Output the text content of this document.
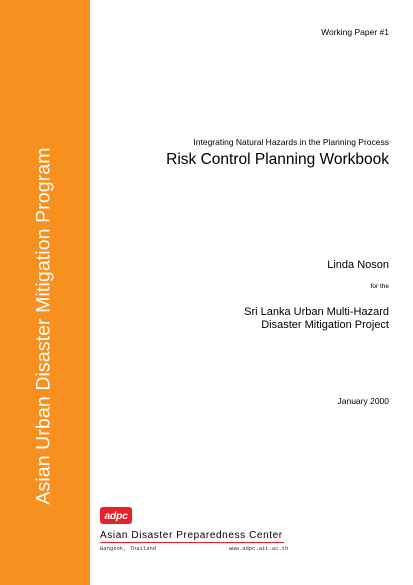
Asian Urban Disaster Mitigation Program
Working Paper #1
Integrating Natural Hazards in the Planning Process
Risk Control Planning Workbook
Linda Noson
for the
Sri Lanka Urban Multi-Hazard
Disaster Mitigation Project
January 2000
adpc
Asian Disaster Preparedness Center
Bangkok, Thailand	www.adpc.ait.ac.th
